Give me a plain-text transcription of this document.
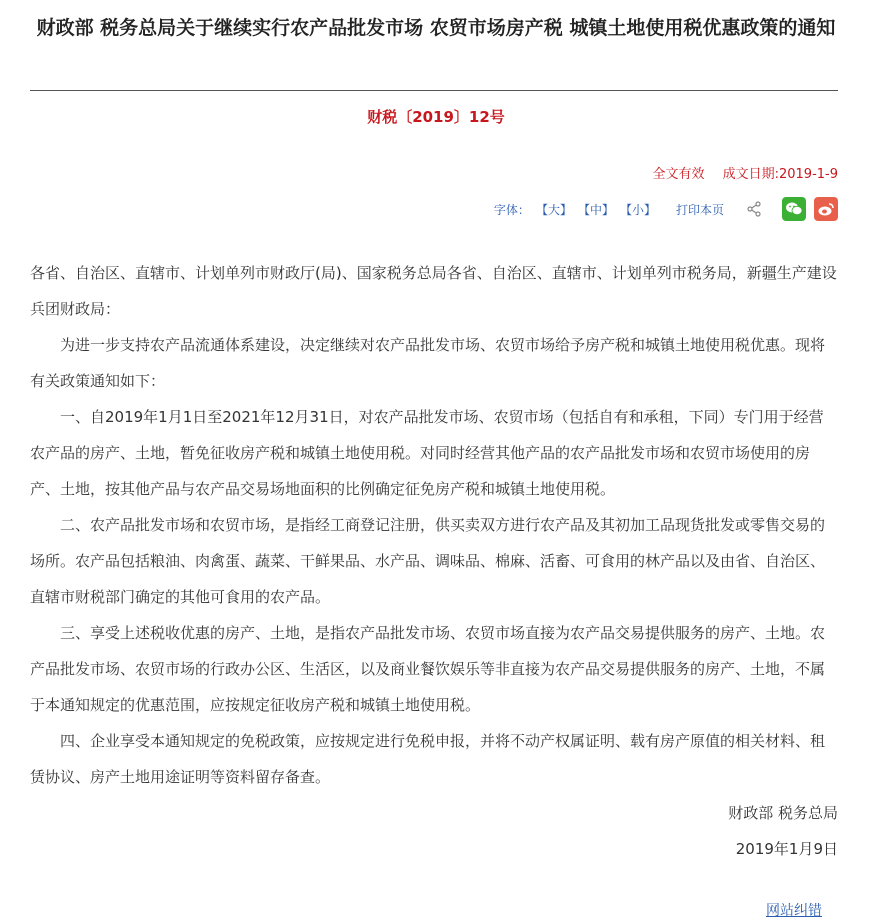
财政部 税务总局关于继续实行农产品批发市场 农贸市场房产税 城镇土地使用税优惠政策的通知
财税〔2019〕12号
全文有效 成文日期:2019-1-9
字体： 【大】 【中】 【小】 打印本页

各省、自治区、直辖市、计划单列市财政厅(局)、国家税务总局各省、自治区、直辖市、计划单列市税务局，新疆生产建设兵团财政局：

为进一步支持农产品流通体系建设，决定继续对农产品批发市场、农贸市场给予房产税和城镇土地使用税优惠。现将有关政策通知如下：

一、自2019年1月1日至2021年12月31日，对农产品批发市场、农贸市场（包括自有和承租，下同）专门用于经营农产品的房产、土地，暂免征收房产税和城镇土地使用税。对同时经营其他产品的农产品批发市场和农贸市场使用的房产、土地，按其他产品与农产品交易场地面积的比例确定征免房产税和城镇土地使用税。

二、农产品批发市场和农贸市场，是指经工商登记注册，供买卖双方进行农产品及其初加工品现货批发或零售交易的场所。农产品包括粮油、肉禽蛋、蔬菜、干鲜果品、水产品、调味品、棉麻、活畜、可食用的林产品以及由省、自治区、直辖市财税部门确定的其他可食用的农产品。

三、享受上述税收优惠的房产、土地，是指农产品批发市场、农贸市场直接为农产品交易提供服务的房产、土地。农产品批发市场、农贸市场的行政办公区、生活区，以及商业餐饮娱乐等非直接为农产品交易提供服务的房产、土地，不属于本通知规定的优惠范围，应按规定征收房产税和城镇土地使用税。

四、企业享受本通知规定的免税政策，应按规定进行免税申报，并将不动产权属证明、载有房产原值的相关材料、租赁协议、房产土地用途证明等资料留存备查。

财政部 税务总局

2019年1月9日

网站纠错
